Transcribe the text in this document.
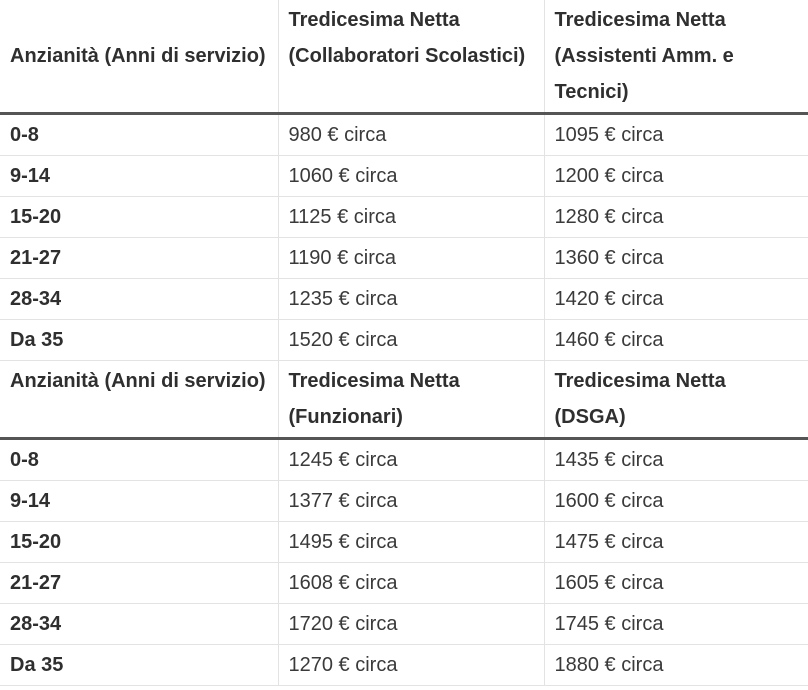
Anzianità (Anni di servizio)	Tredicesima Netta (Collaboratori Scolastici)	Tredicesima Netta (Assistenti Amm. e Tecnici)
0-8	980 € circa	1095 € circa
9-14	1060 € circa	1200 € circa
15-20	1125 € circa	1280 € circa
21-27	1190 € circa	1360 € circa
28-34	1235 € circa	1420 € circa
Da 35	1520 € circa	1460 € circa
Anzianità (Anni di servizio)	Tredicesima Netta (Funzionari)	Tredicesima Netta (DSGA)
0-8	1245 € circa	1435 € circa
9-14	1377 € circa	1600 € circa
15-20	1495 € circa	1475 € circa
21-27	1608 € circa	1605 € circa
28-34	1720 € circa	1745 € circa
Da 35	1270 € circa	1880 € circa
